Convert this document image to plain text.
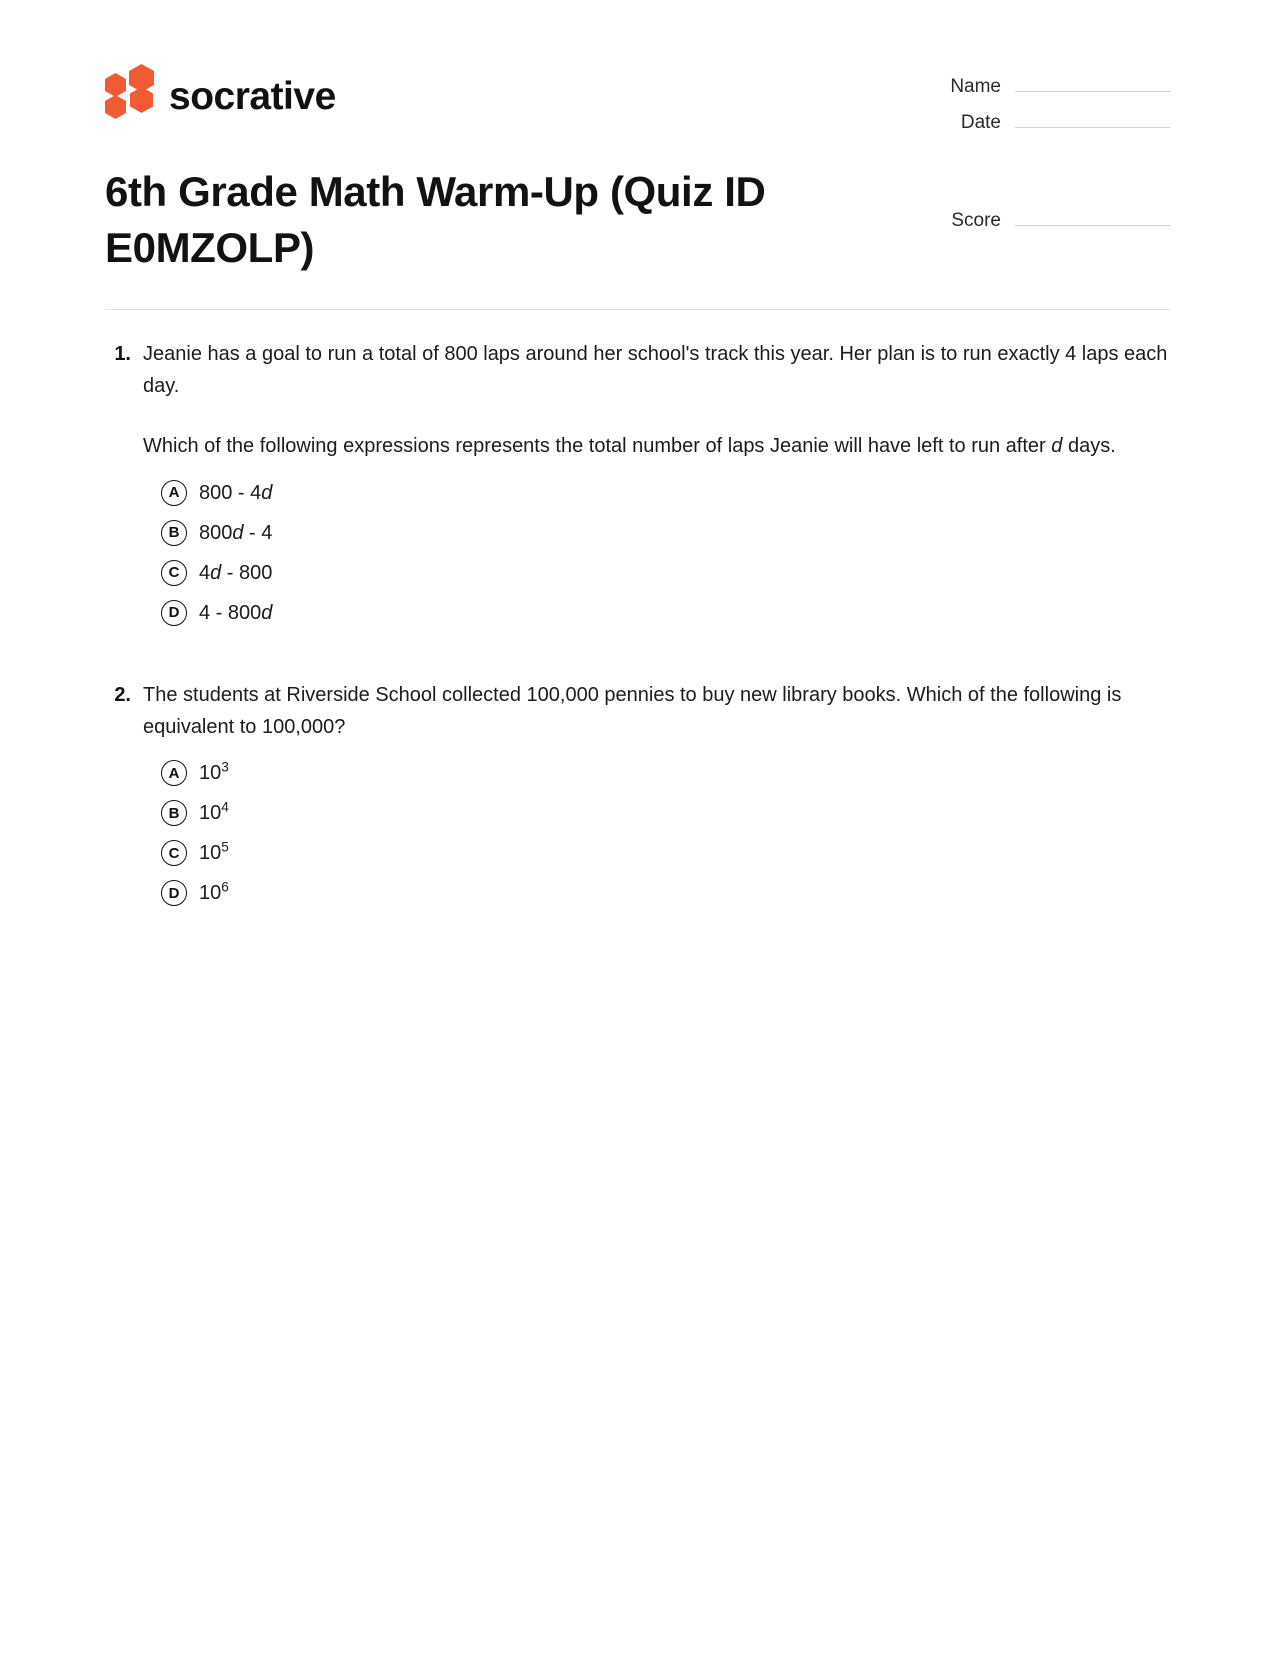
socrative	Name
Date
6th Grade Math Warm-Up (Quiz ID E0MZOLP)
Score
1. Jeanie has a goal to run a total of 800 laps around her school's track this year. Her plan is to run exactly 4 laps each day.

Which of the following expressions represents the total number of laps Jeanie will have left to run after d days.

A 800 - 4d
B 800d - 4
C 4d - 800
D 4 - 800d
2. The students at Riverside School collected 100,000 pennies to buy new library books. Which of the following is equivalent to 100,000?

A $10^3$
B $10^4$
C $10^5$
D $10^6$
